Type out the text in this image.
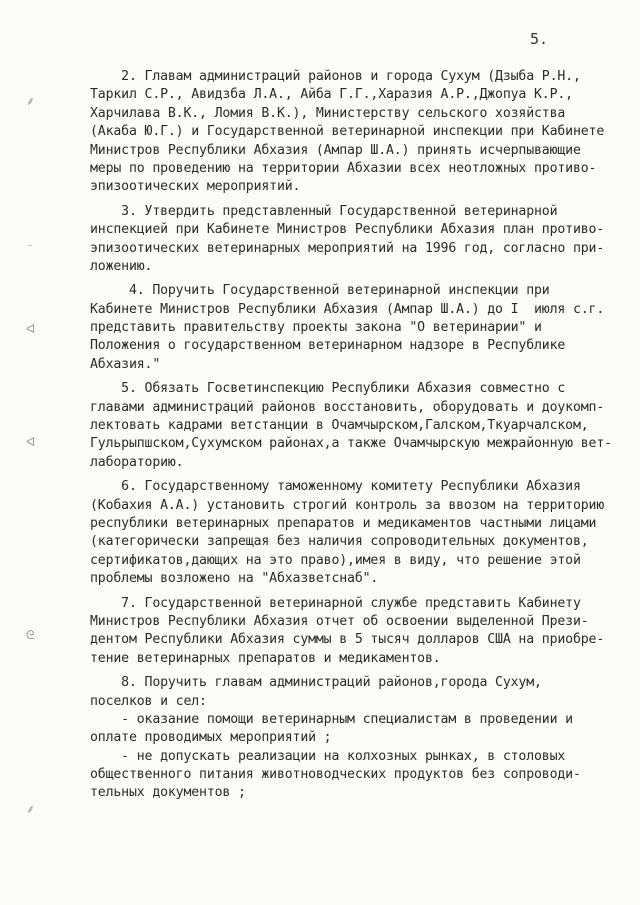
5.
⸙
⁻
ᐊ
ᐊ
ᘓ
⸙
2. Главам администраций районов и города Сухум (Дзыба Р.Н.,
Таркил С.Р., Авидзба Л.А., Айба Г.Г.,Харазия А.Р.,Джопуа К.Р.,
Харчилава В.К., Ломия В.К.), Министерству сельского хозяйства
(Акаба Ю.Г.) и Государственной ветеринарной инспекции при Кабинете
Министров Республики Абхазия (Ампар Ш.А.) принять исчерпывающие
меры по проведению на территории Абхазии всех неотложных противо-
эпизоотических мероприятий.
3. Утвердить представленный Государственной ветеринарной
инспекцией при Кабинете Министров Республики Абхазия план противо-
эпизоотических ветеринарных мероприятий на 1996 год, согласно при-
ложению.
4. Поручить Государственной ветеринарной инспекции при
Кабинете Министров Республики Абхазия (Ампар Ш.А.) до I  июля с.г.
представить правительству проекты закона "О ветеринарии" и
Положения о государственном ветеринарном надзоре в Республике
Абхазия."
5. Обязать Госветинспекцию Республики Абхазия совместно с
главами администраций районов восстановить, оборудовать и доукомп-
лектовать кадрами ветстанции в Очамчырском,Галском,Ткуарчалском,
Гульрыпшском,Сухумском районах,а также Очамчырскую межрайонную вет-
лабораторию.
6. Государственному таможенному комитету Республики Абхазия
(Кобахия А.А.) установить строгий контроль за ввозом на территорию
республики ветеринарных препаратов и медикаментов частными лицами
(категорически запрещая без наличия сопроводительных документов,
сертификатов,дающих на это право),имея в виду, что решение этой
проблемы возложено на "Абхазветснаб".
7. Государственной ветеринарной службе представить Кабинету
Министров Республики Абхазия отчет об освоении выделенной Прези-
дентом Республики Абхазия суммы в 5 тысяч долларов США на приобре-
тение ветеринарных препаратов и медикаментов.
8. Поручить главам администраций районов,города Сухум,
поселков и сел:
- оказание помощи ветеринарным специалистам в проведении и
оплате проводимых мероприятий ;
- не допускать реализации на колхозных рынках, в столовых
общественного питания животноводческих продуктов без сопроводи-
тельных документов ;
